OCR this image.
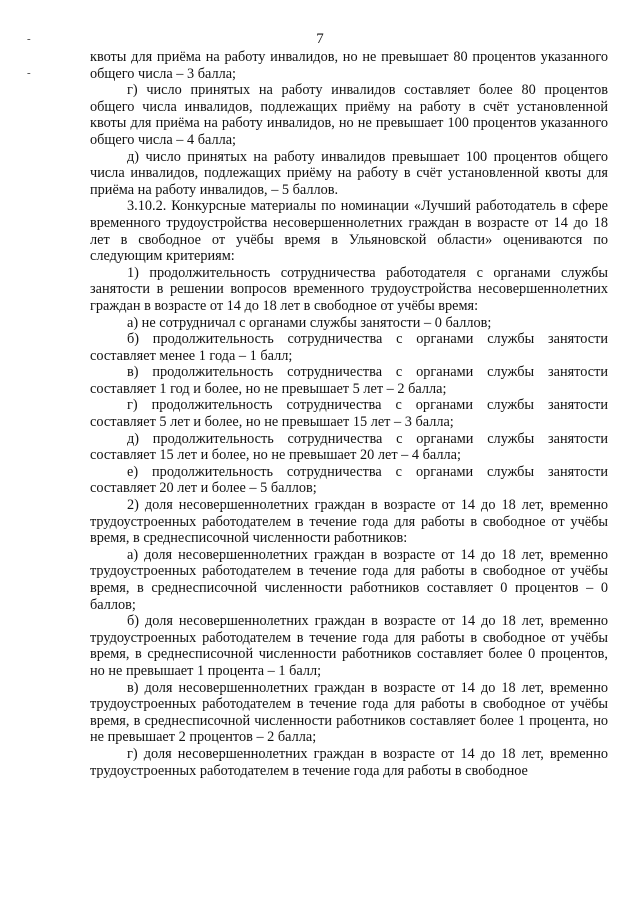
-
-
7

квоты для приёма на работу инвалидов, но не превышает 80 процентов указанного общего числа – 3 балла;

г) число принятых на работу инвалидов составляет более 80 процентов общего числа инвалидов, подлежащих приёму на работу в счёт установленной квоты для приёма на работу инвалидов, но не превышает 100 процентов указанного общего числа – 4 балла;

д) число принятых на работу инвалидов превышает 100 процентов общего числа инвалидов, подлежащих приёму на работу в счёт установленной квоты для приёма на работу инвалидов, – 5 баллов.

3.10.2. Конкурсные материалы по номинации «Лучший работодатель в сфере временного трудоустройства несовершеннолетних граждан в возрасте от 14 до 18 лет в свободное от учёбы время в Ульяновской области» оцениваются по следующим критериям:

1) продолжительность сотрудничества работодателя с органами службы занятости в решении вопросов временного трудоустройства несовершеннолетних граждан в возрасте от 14 до 18 лет в свободное от учёбы время:

а) не сотрудничал с органами службы занятости – 0 баллов;

б) продолжительность сотрудничества с органами службы занятости составляет менее 1 года – 1 балл;

в) продолжительность сотрудничества с органами службы занятости составляет 1 год и более, но не превышает 5 лет – 2 балла;

г) продолжительность сотрудничества с органами службы занятости составляет 5 лет и более, но не превышает 15 лет – 3 балла;

д) продолжительность сотрудничества с органами службы занятости составляет 15 лет и более, но не превышает 20 лет – 4 балла;

е) продолжительность сотрудничества с органами службы занятости составляет 20 лет и более – 5 баллов;

2) доля несовершеннолетних граждан в возрасте от 14 до 18 лет, временно трудоустроенных работодателем в течение года для работы в свободное от учёбы время, в среднесписочной численности работников:

а) доля несовершеннолетних граждан в возрасте от 14 до 18 лет, временно трудоустроенных работодателем в течение года для работы в свободное от учёбы время, в среднесписочной численности работников составляет 0 процентов – 0 баллов;

б) доля несовершеннолетних граждан в возрасте от 14 до 18 лет, временно трудоустроенных работодателем в течение года для работы в свободное от учёбы время, в среднесписочной численности работников составляет более 0 процентов, но не превышает 1 процента – 1 балл;

в) доля несовершеннолетних граждан в возрасте от 14 до 18 лет, временно трудоустроенных работодателем в течение года для работы в свободное от учёбы время, в среднесписочной численности работников составляет более 1 процента, но не превышает 2 процентов – 2 балла;

г) доля несовершеннолетних граждан в возрасте от 14 до 18 лет, временно трудоустроенных работодателем в течение года для работы в свободное
